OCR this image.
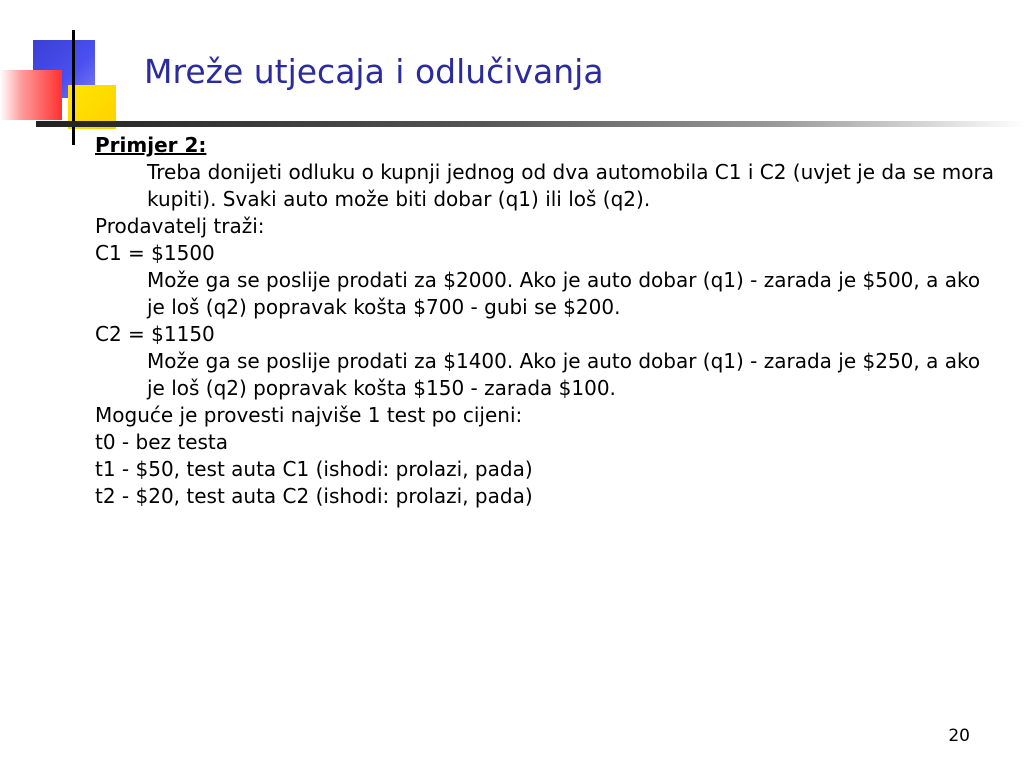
Mreže utjecaja i odlučivanja

Primjer 2:

Treba donijeti odluku o kupnji jednog od dva automobila C1 i C2 (uvjet je da se mora kupiti). Svaki auto može biti dobar (q1) ili loš (q2).

Prodavatelj traži:

C1 = $1500

Može ga se poslije prodati za $2000. Ako je auto dobar (q1) - zarada je $500, a ako je loš (q2) popravak košta $700 - gubi se $200.

C2 = $1150

Može ga se poslije prodati za $1400. Ako je auto dobar (q1) - zarada je $250, a ako je loš (q2) popravak košta $150 - zarada $100.

Moguće je provesti najviše 1 test po cijeni:

t0 - bez testa

t1 - $50, test auta C1 (ishodi: prolazi, pada)

t2 - $20, test auta C2 (ishodi: prolazi, pada)

20
